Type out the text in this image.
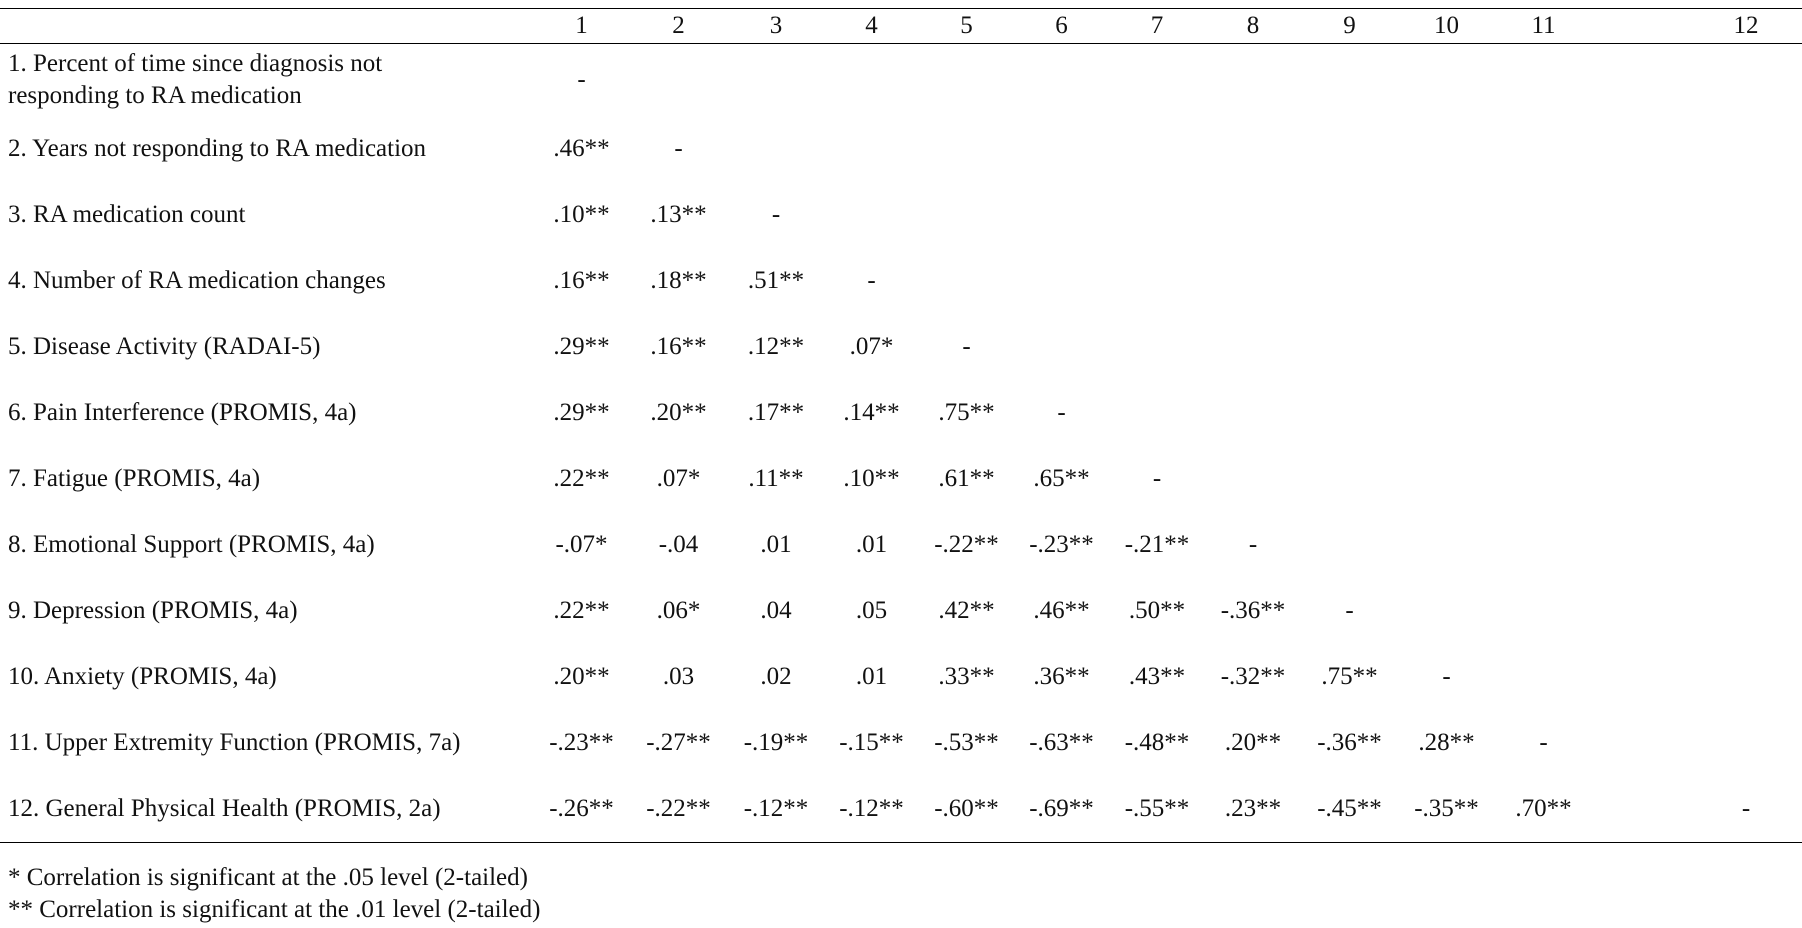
	1	2	3	4	5	6	7	8	9	10	11	12
1. Percent of time since diagnosis not responding to RA medication	-											
2. Years not responding to RA medication	.46**	-										
3. RA medication count	.10**	.13**	-									
4. Number of RA medication changes	.16**	.18**	.51**	-								
5. Disease Activity (RADAI-5)	.29**	.16**	.12**	.07*	-							
6. Pain Interference (PROMIS, 4a)	.29**	.20**	.17**	.14**	.75**	-						
7. Fatigue (PROMIS, 4a)	.22**	.07*	.11**	.10**	.61**	.65**	-					
8. Emotional Support (PROMIS, 4a)	-.07*	-.04	.01	.01	-.22**	-.23**	-.21**	-				
9. Depression (PROMIS, 4a)	.22**	.06*	.04	.05	.42**	.46**	.50**	-.36**	-			
10. Anxiety (PROMIS, 4a)	.20**	.03	.02	.01	.33**	.36**	.43**	-.32**	.75**	-		
11. Upper Extremity Function (PROMIS, 7a)	-.23**	-.27**	-.19**	-.15**	-.53**	-.63**	-.48**	.20**	-.36**	.28**	-	
12. General Physical Health (PROMIS, 2a)	-.26**	-.22**	-.12**	-.12**	-.60**	-.69**	-.55**	.23**	-.45**	-.35**	.70**	-
* Correlation is significant at the .05 level (2-tailed)
** Correlation is significant at the .01 level (2-tailed)
